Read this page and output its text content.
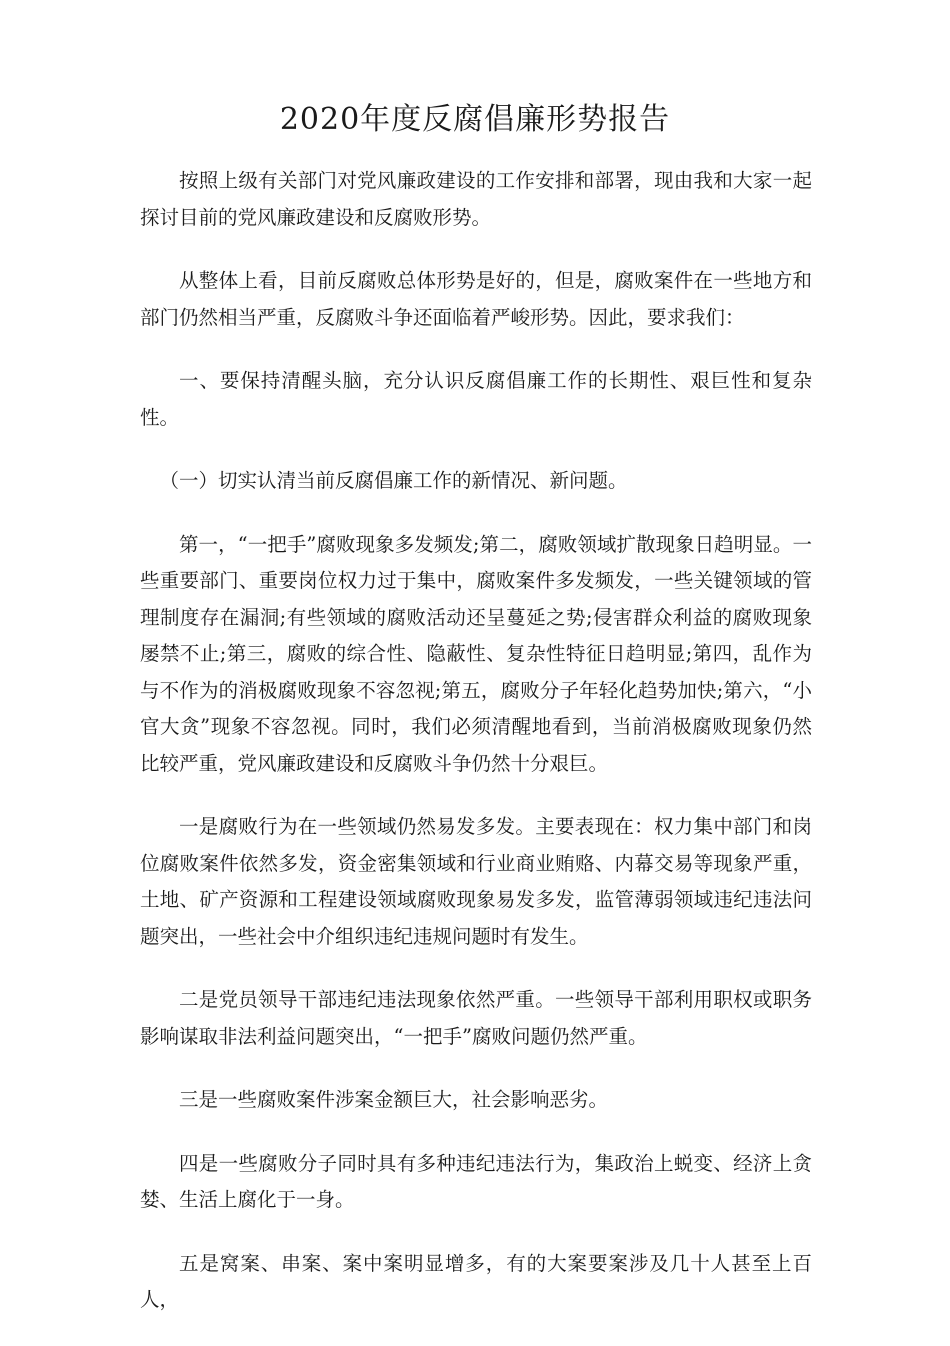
2020年度反腐倡廉形势报告

按照上级有关部门对党风廉政建设的工作安排和部署，现由我和大家一起探讨目前的党风廉政建设和反腐败形势。

从整体上看，目前反腐败总体形势是好的，但是，腐败案件在一些地方和部门仍然相当严重，反腐败斗争还面临着严峻形势。因此，要求我们：

一、要保持清醒头脑，充分认识反腐倡廉工作的长期性、艰巨性和复杂性。

（一）切实认清当前反腐倡廉工作的新情况、新问题。

第一，“一把手”腐败现象多发频发;第二，腐败领域扩散现象日趋明显。一些重要部门、重要岗位权力过于集中，腐败案件多发频发，一些关键领域的管理制度存在漏洞;有些领域的腐败活动还呈蔓延之势;侵害群众利益的腐败现象屡禁不止;第三，腐败的综合性、隐蔽性、复杂性特征日趋明显;第四，乱作为与不作为的消极腐败现象不容忽视;第五，腐败分子年轻化趋势加快;第六，“小官大贪”现象不容忽视。同时，我们必须清醒地看到，当前消极腐败现象仍然比较严重，党风廉政建设和反腐败斗争仍然十分艰巨。

一是腐败行为在一些领域仍然易发多发。主要表现在：权力集中部门和岗位腐败案件依然多发，资金密集领域和行业商业贿赂、内幕交易等现象严重，土地、矿产资源和工程建设领域腐败现象易发多发，监管薄弱领域违纪违法问题突出，一些社会中介组织违纪违规问题时有发生。

二是党员领导干部违纪违法现象依然严重。一些领导干部利用职权或职务影响谋取非法利益问题突出，“一把手”腐败问题仍然严重。

三是一些腐败案件涉案金额巨大，社会影响恶劣。

四是一些腐败分子同时具有多种违纪违法行为，集政治上蜕变、经济上贪婪、生活上腐化于一身。

五是窝案、串案、案中案明显增多，有的大案要案涉及几十人甚至上百人，
